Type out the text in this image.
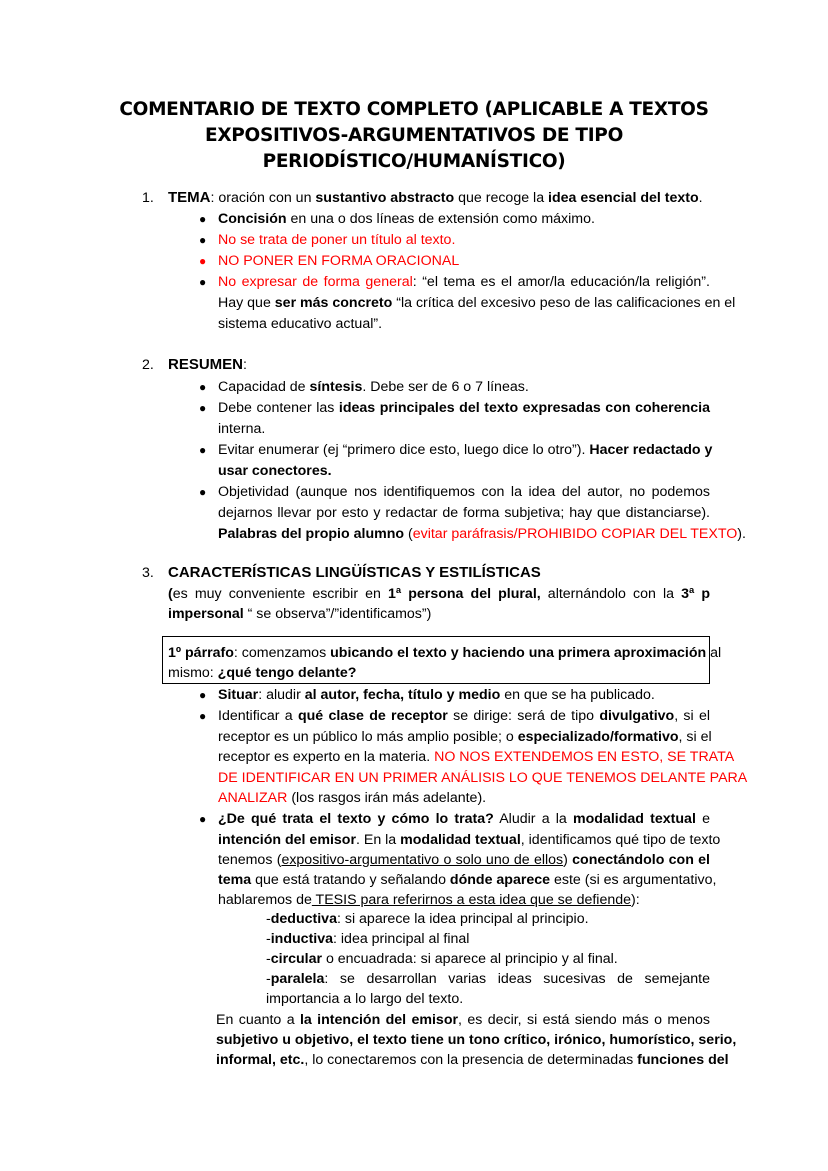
COMENTARIO DE TEXTO COMPLETO (APLICABLE A TEXTOS
EXPOSITIVOS-ARGUMENTATIVOS DE TIPO
PERIODÍSTICO/HUMANÍSTICO)
1. TEMA: oración con un sustantivo abstracto que recoge la idea esencial del texto.
● Concisión en una o dos líneas de extensión como máximo.
● No se trata de poner un título al texto.
● NO PONER EN FORMA ORACIONAL
● No expresar de forma general: “el tema es el amor/la educación/la religión”.
Hay que ser más concreto “la crítica del excesivo peso de las calificaciones en el
sistema educativo actual”.
2. RESUMEN:
● Capacidad de síntesis. Debe ser de 6 o 7 líneas.
● Debe contener las ideas principales del texto expresadas con coherencia
interna.
● Evitar enumerar (ej “primero dice esto, luego dice lo otro”). Hacer redactado y
usar conectores.
● Objetividad (aunque nos identifiquemos con la idea del autor, no podemos
dejarnos llevar por esto y redactar de forma subjetiva; hay que distanciarse).
Palabras del propio alumno (evitar paráfrasis/PROHIBIDO COPIAR DEL TEXTO).
3. CARACTERÍSTICAS LINGÜÍSTICAS Y ESTILÍSTICAS
(es muy conveniente escribir en 1ª persona del plural, alternándolo con la 3ª p
impersonal “ se observa”/”identificamos”)
1º párrafo: comenzamos ubicando el texto y haciendo una primera aproximación al
mismo: ¿qué tengo delante?
● Situar: aludir al autor, fecha, título y medio en que se ha publicado.
● Identificar a qué clase de receptor se dirige: será de tipo divulgativo, si el
receptor es un público lo más amplio posible; o especializado/formativo, si el
receptor es experto en la materia. NO NOS EXTENDEMOS EN ESTO, SE TRATA
DE IDENTIFICAR EN UN PRIMER ANÁLISIS LO QUE TENEMOS DELANTE PARA
ANALIZAR (los rasgos irán más adelante).
● ¿De qué trata el texto y cómo lo trata? Aludir a la modalidad textual e
intención del emisor. En la modalidad textual, identificamos qué tipo de texto
tenemos (expositivo-argumentativo o solo uno de ellos) conectándolo con el
tema que está tratando y señalando dónde aparece este (si es argumentativo,
hablaremos de TESIS para referirnos a esta idea que se defiende):
-deductiva: si aparece la idea principal al principio.
-inductiva: idea principal al final
-circular o encuadrada: si aparece al principio y al final.
-paralela: se desarrollan varias ideas sucesivas de semejante
importancia a lo largo del texto.
En cuanto a la intención del emisor, es decir, si está siendo más o menos
subjetivo u objetivo, el texto tiene un tono crítico, irónico, humorístico, serio,
informal, etc., lo conectaremos con la presencia de determinadas funciones del
